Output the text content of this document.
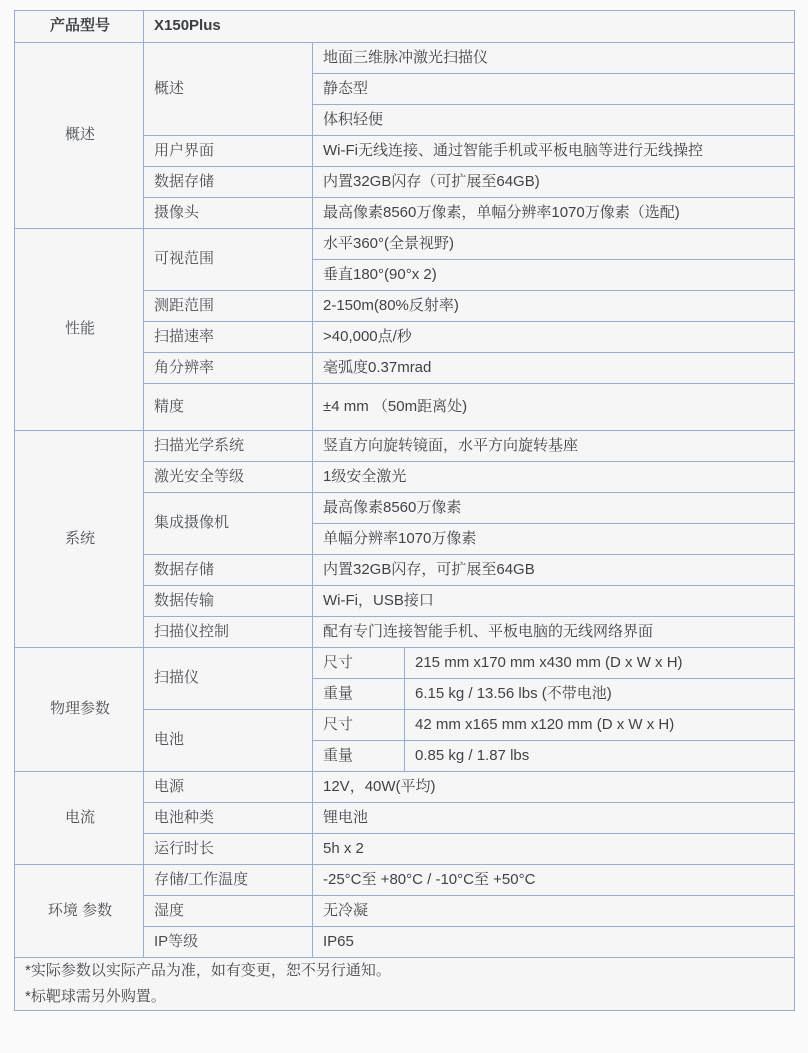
产品型号	X150Plus		
概述	概述	地面三维脉冲激光扫描仪	
		静态型	
		体积轻便	
	用户界面	Wi-Fi无线连接、通过智能手机或平板电脑等进行无线操控	
	数据存储	内置32GB闪存（可扩展至64GB)	
	摄像头	最高像素8560万像素，单幅分辨率1070万像素（选配)	
性能	可视范围	水平360°(全景视野)	
		垂直180°(90°x 2)	
	测距范围	2-150m(80%反射率)	
	扫描速率	>40,000点/秒	
	角分辨率	毫弧度0.37mrad	
	精度	±4 mm （50m距离处)	
系统	扫描光学系统	竖直方向旋转镜面，水平方向旋转基座	
	激光安全等级	1级安全激光	
	集成摄像机	最高像素8560万像素	
		单幅分辨率1070万像素	
	数据存储	内置32GB闪存，可扩展至64GB	
	数据传输	Wi-Fi，USB接口	
	扫描仪控制	配有专门连接智能手机、平板电脑的无线网络界面	
物理参数	扫描仪	尺寸	215 mm x170 mm x430 mm (D x W x H)
		重量	6.15 kg / 13.56 lbs (不带电池)
	电池	尺寸	42 mm x165 mm x120 mm (D x W x H)
		重量	0.85 kg / 1.87 lbs
电流	电源	12V，40W(平均)	
	电池种类	锂电池	
	运行时长	5h x 2	
环境 参数	存储/工作温度	-25°C至 +80°C / -10°C至 +50°C	
	湿度	无冷凝	
	IP等级	IP65	

*实际参数以实际产品为准，如有变更，恕不另行通知。
*标靶球需另外购置。			
